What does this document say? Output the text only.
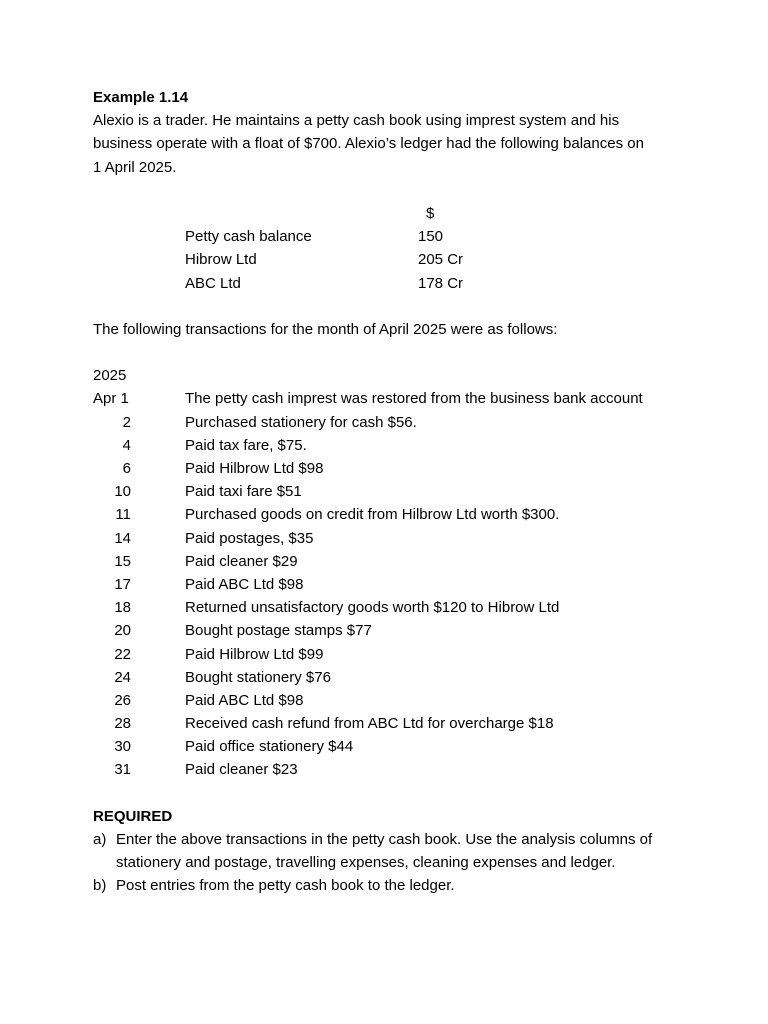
Example 1.14
Alexio is a trader. He maintains a petty cash book using imprest system and his
business operate with a float of $700. Alexio’s ledger had the following balances on
1 April 2025.
$
Petty cash balance	150
Hibrow Ltd	205 Cr
ABC Ltd	178 Cr
The following transactions for the month of April 2025 were as follows:
2025
Apr 1	The petty cash imprest was restored from the business bank account
2	Purchased stationery for cash $56.
4	Paid tax fare, $75.
6	Paid Hilbrow Ltd $98
10	Paid taxi fare $51
11	Purchased goods on credit from Hilbrow Ltd worth $300.
14	Paid postages, $35
15	Paid cleaner $29
17	Paid ABC Ltd $98
18	Returned unsatisfactory goods worth $120 to Hibrow Ltd
20	Bought postage stamps $77
22	Paid Hilbrow Ltd $99
24	Bought stationery $76
26	Paid ABC Ltd $98
28	Received cash refund from ABC Ltd for overcharge $18
30	Paid office stationery $44
31	Paid cleaner $23
REQUIRED
a) Enter the above transactions in the petty cash book. Use the analysis columns of
stationery and postage, travelling expenses, cleaning expenses and ledger.
b) Post entries from the petty cash book to the ledger.
